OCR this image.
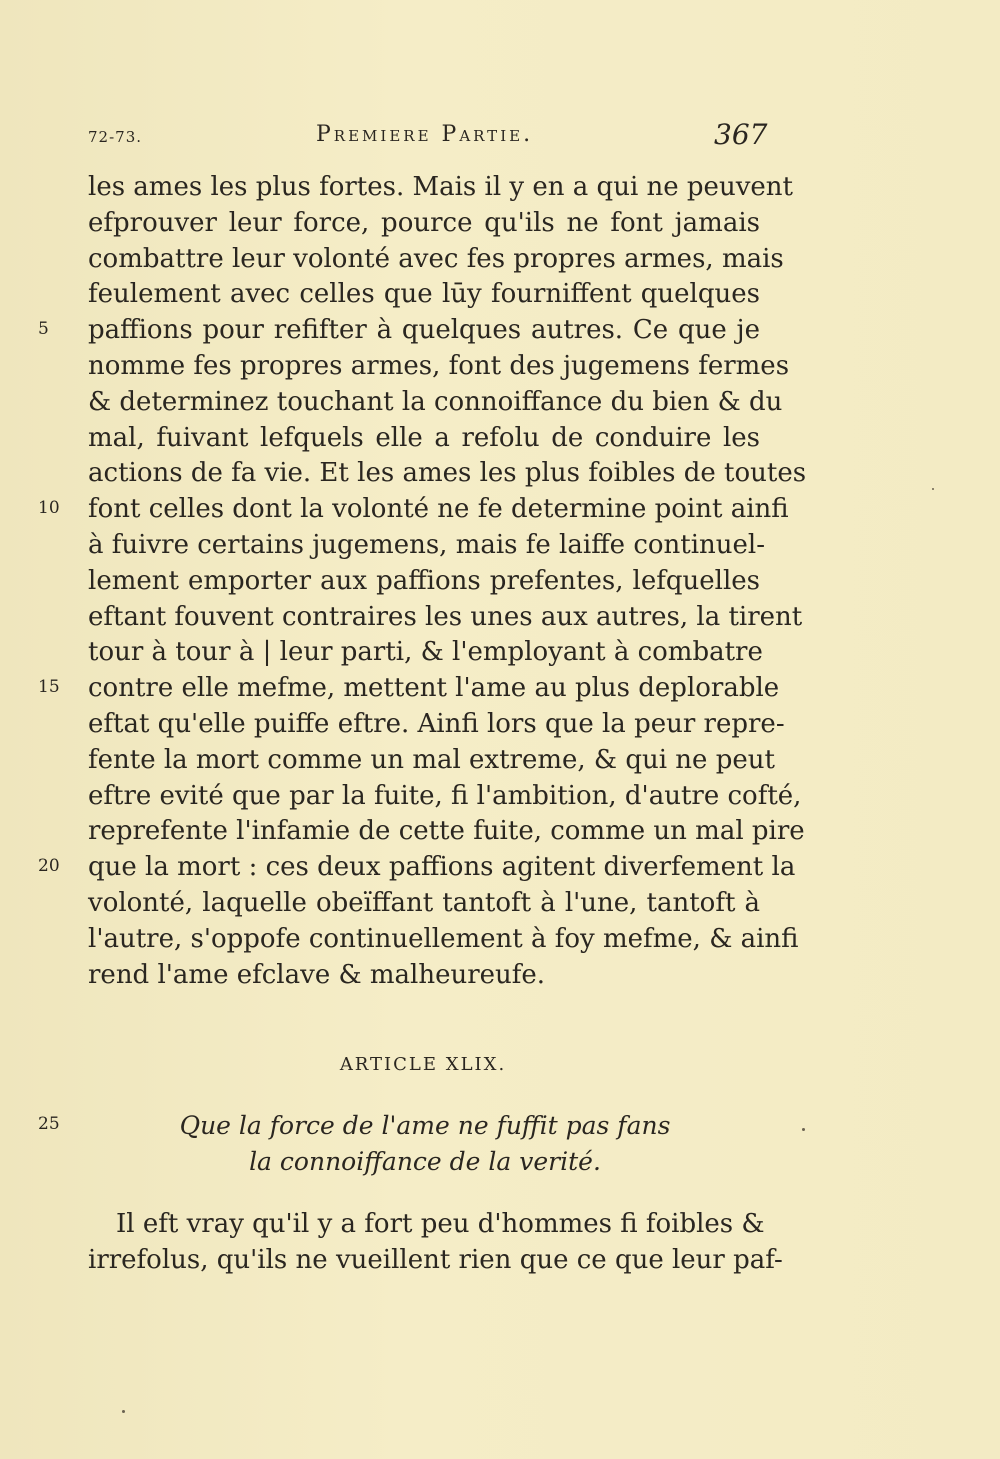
72-73.	Premiere Partie.	367
les ames les plus fortes. Mais il y en a qui ne peuvent
efprouver leur force, pource qu'ils ne font jamais
combattre leur volonté avec fes propres armes, mais
feulement avec celles que lūy fourniffent quelques
paffions pour refifter à quelques autres. Ce que je
nomme fes propres armes, font des jugemens fermes
& determinez touchant la connoiffance du bien & du
mal, fuivant lefquels elle a refolu de conduire les
actions de fa vie. Et les ames les plus foibles de toutes
font celles dont la volonté ne fe determine point ainfi
à fuivre certains jugemens, mais fe laiffe continuel-
lement emporter aux paffions prefentes, lefquelles
eftant fouvent contraires les unes aux autres, la tirent
tour à tour à | leur parti, & l'employant à combatre
contre elle mefme, mettent l'ame au plus deplorable
eftat qu'elle puiffe eftre. Ainfi lors que la peur repre-
fente la mort comme un mal extreme, & qui ne peut
eftre evité que par la fuite, fi l'ambition, d'autre cofté,
reprefente l'infamie de cette fuite, comme un mal pire
que la mort : ces deux paffions agitent diverfement la
volonté, laquelle obeïffant tantoft à l'une, tantoft à
l'autre, s'oppofe continuellement à foy mefme, & ainfi
rend l'ame efclave & malheureufe.
5
10
15
20
25
ARTICLE XLIX.
Que la force de l'ame ne fuffit pas fans
la connoiffance de la verité.
Il eft vray qu'il y a fort peu d'hommes fi foibles &
irrefolus, qu'ils ne vueillent rien que ce que leur paf-
